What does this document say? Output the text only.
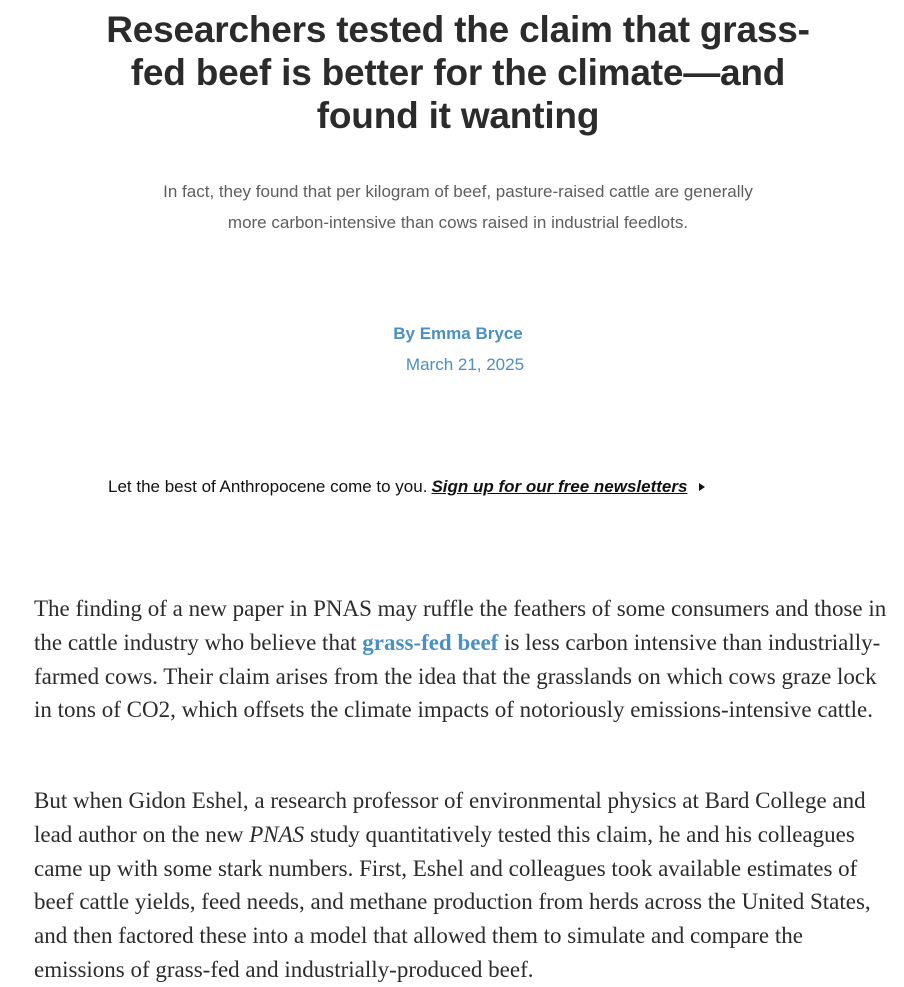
Researchers tested the claim that grass-fed beef is better for the climate—and found it wanting

In fact, they found that per kilogram of beef, pasture-raised cattle are generally more carbon-intensive than cows raised in industrial feedlots.

By Emma Bryce
March 21, 2025
Let the best of Anthropocene come to you. Sign up for our free newsletters

The finding of a new paper in PNAS may ruffle the feathers of some consumers and those in the cattle industry who believe that grass-fed beef is less carbon intensive than industrially-farmed cows. Their claim arises from the idea that the grasslands on which cows graze lock in tons of CO2, which offsets the climate impacts of notoriously emissions-intensive cattle.

But when Gidon Eshel, a research professor of environmental physics at Bard College and lead author on the new PNAS study quantitatively tested this claim, he and his colleagues came up with some stark numbers. First, Eshel and colleagues took available estimates of beef cattle yields, feed needs, and methane production from herds across the United States, and then factored these into a model that allowed them to simulate and compare the emissions of grass-fed and industrially-produced beef.
